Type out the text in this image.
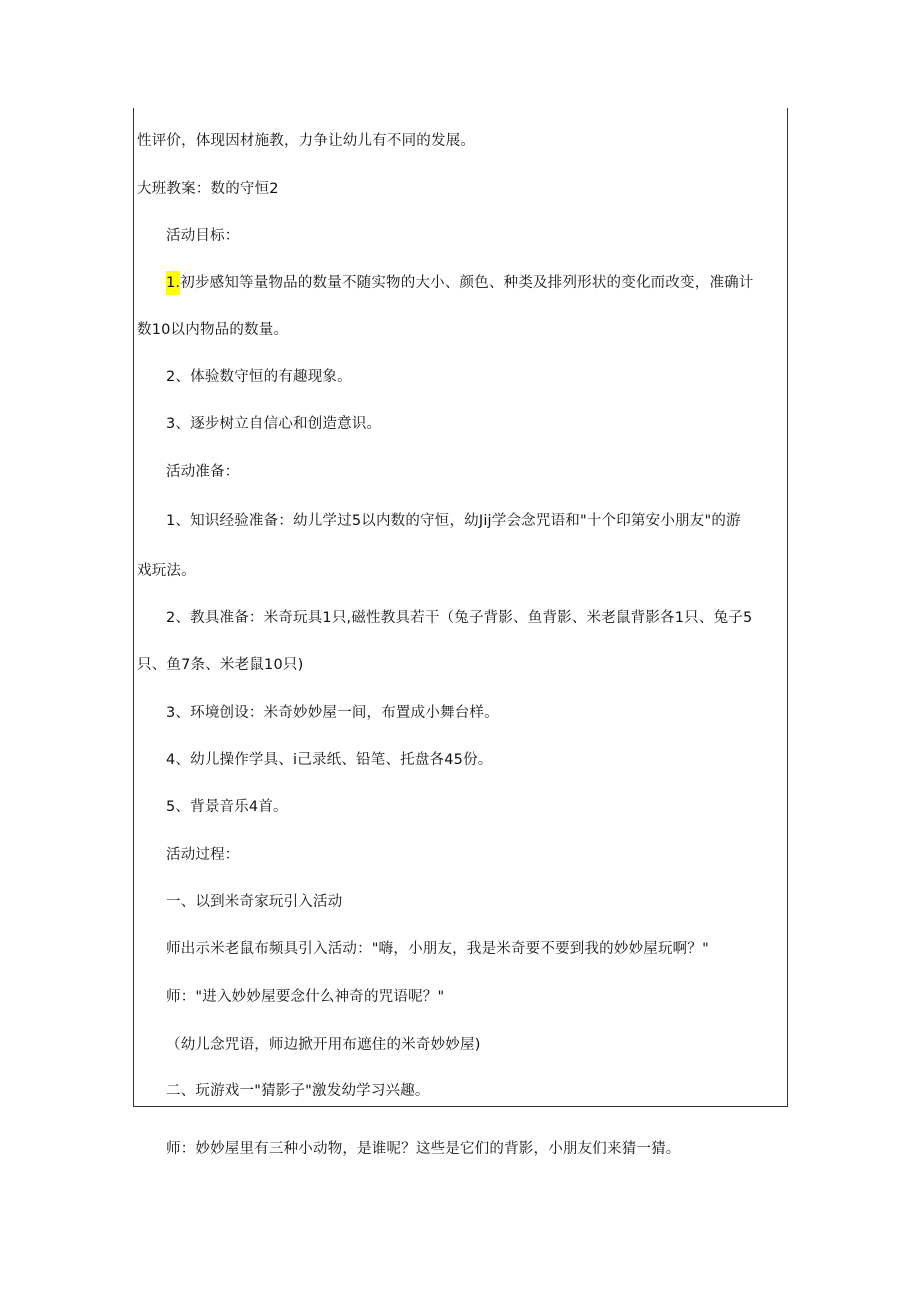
性评价，体现因材施教，力争让幼儿有不同的发展。
大班教案：数的守恒2
活动目标：
1.初步感知等量物品的数量不随实物的大小、颜色、种类及排列形状的变化而改变，准确计
数10以内物品的数量。
2、体验数守恒的有趣现象。
3、逐步树立自信心和创造意识。
活动准备：
1、知识经验准备：幼儿学过5以内数的守恒，幼Jij学会念咒语和"十个印第安小朋友"的游
戏玩法。
2、教具准备：米奇玩具1只,磁性教具若干（兔子背影、鱼背影、米老鼠背影各1只、兔子5
只、鱼7条、米老鼠10只)
3、环境创设：米奇妙妙屋一间，布置成小舞台样。
4、幼儿操作学具、i己录纸、铅笔、托盘各45份。
5、背景音乐4首。
活动过程：
一、以到米奇家玩引入活动
师出示米老鼠布频具引入活动："嗨，小朋友，我是米奇要不要到我的妙妙屋玩啊？"
师："进入妙妙屋要念什么神奇的咒语呢？"
（幼儿念咒语，师边掀开用布遮住的米奇妙妙屋)
二、玩游戏一"猜影子"激发幼学习兴趣。
师：妙妙屋里有三种小动物，是谁呢？这些是它们的背影，小朋友们来猜一猜。
